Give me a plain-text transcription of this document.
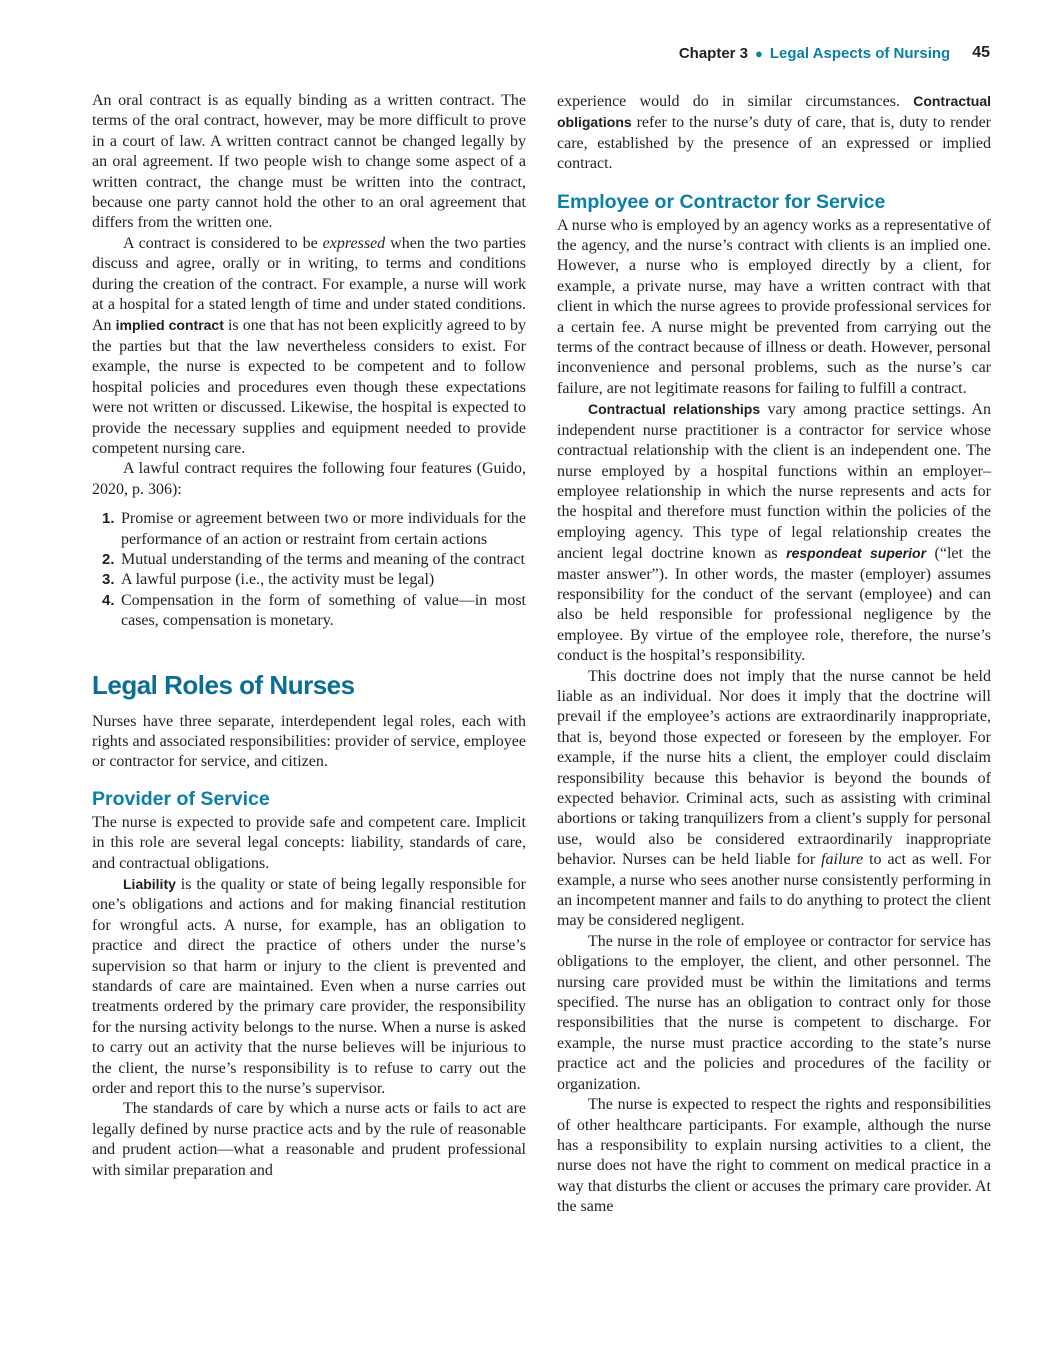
Chapter 3 ● Legal Aspects of Nursing 45

An oral contract is as equally binding as a written contract. The terms of the oral contract, however, may be more difficult to prove in a court of law. A written contract cannot be changed legally by an oral agreement. If two people wish to change some aspect of a written contract, the change must be written into the contract, because one party cannot hold the other to an oral agreement that differs from the written one.

A contract is considered to be expressed when the two parties discuss and agree, orally or in writing, to terms and conditions during the creation of the contract. For example, a nurse will work at a hospital for a stated length of time and under stated conditions. An implied contract is one that has not been explicitly agreed to by the parties but that the law nevertheless considers to exist. For example, the nurse is expected to be competent and to follow hospital policies and procedures even though these expectations were not written or discussed. Likewise, the hospital is expected to provide the necessary supplies and equipment needed to provide competent nursing care.

A lawful contract requires the following four features (Guido, 2020, p. 306):

1. Promise or agreement between two or more individuals for the performance of an action or restraint from certain actions
2. Mutual understanding of the terms and meaning of the contract
3. A lawful purpose (i.e., the activity must be legal)
4. Compensation in the form of something of value—in most cases, compensation is monetary.
Legal Roles of Nurses

Nurses have three separate, interdependent legal roles, each with rights and associated responsibilities: provider of service, employee or contractor for service, and citizen.

Provider of Service

The nurse is expected to provide safe and competent care. Implicit in this role are several legal concepts: liability, standards of care, and contractual obligations.

Liability is the quality or state of being legally responsible for one’s obligations and actions and for making financial restitution for wrongful acts. A nurse, for example, has an obligation to practice and direct the practice of others under the nurse’s supervision so that harm or injury to the client is prevented and standards of care are maintained. Even when a nurse carries out treatments ordered by the primary care provider, the responsibility for the nursing activity belongs to the nurse. When a nurse is asked to carry out an activity that the nurse believes will be injurious to the client, the nurse’s responsibility is to refuse to carry out the order and report this to the nurse’s supervisor.

The standards of care by which a nurse acts or fails to act are legally defined by nurse practice acts and by the rule of reasonable and prudent action—what a reasonable and prudent professional with similar preparation and

experience would do in similar circumstances. Contractual obligations refer to the nurse’s duty of care, that is, duty to render care, established by the presence of an expressed or implied contract.

Employee or Contractor for Service

A nurse who is employed by an agency works as a representative of the agency, and the nurse’s contract with clients is an implied one. However, a nurse who is employed directly by a client, for example, a private nurse, may have a written contract with that client in which the nurse agrees to provide professional services for a certain fee. A nurse might be prevented from carrying out the terms of the contract because of illness or death. However, personal inconvenience and personal problems, such as the nurse’s car failure, are not legitimate reasons for failing to fulfill a contract.

Contractual relationships vary among practice settings. An independent nurse practitioner is a contractor for service whose contractual relationship with the client is an independent one. The nurse employed by a hospital functions within an employer–employee relationship in which the nurse represents and acts for the hospital and therefore must function within the policies of the employing agency. This type of legal relationship creates the ancient legal doctrine known as respondeat superior (“let the master answer”). In other words, the master (employer) assumes responsibility for the conduct of the servant (employee) and can also be held responsible for professional negligence by the employee. By virtue of the employee role, therefore, the nurse’s conduct is the hospital’s responsibility.

This doctrine does not imply that the nurse cannot be held liable as an individual. Nor does it imply that the doctrine will prevail if the employee’s actions are extraordinarily inappropriate, that is, beyond those expected or foreseen by the employer. For example, if the nurse hits a client, the employer could disclaim responsibility because this behavior is beyond the bounds of expected behavior. Criminal acts, such as assisting with criminal abortions or taking tranquilizers from a client’s supply for personal use, would also be considered extraordinarily inappropriate behavior. Nurses can be held liable for failure to act as well. For example, a nurse who sees another nurse consistently performing in an incompetent manner and fails to do anything to protect the client may be considered negligent.

The nurse in the role of employee or contractor for service has obligations to the employer, the client, and other personnel. The nursing care provided must be within the limitations and terms specified. The nurse has an obligation to contract only for those responsibilities that the nurse is competent to discharge. For example, the nurse must practice according to the state’s nurse practice act and the policies and procedures of the facility or organization.

The nurse is expected to respect the rights and responsibilities of other healthcare participants. For example, although the nurse has a responsibility to explain nursing activities to a client, the nurse does not have the right to comment on medical practice in a way that disturbs the client or accuses the primary care provider. At the same
